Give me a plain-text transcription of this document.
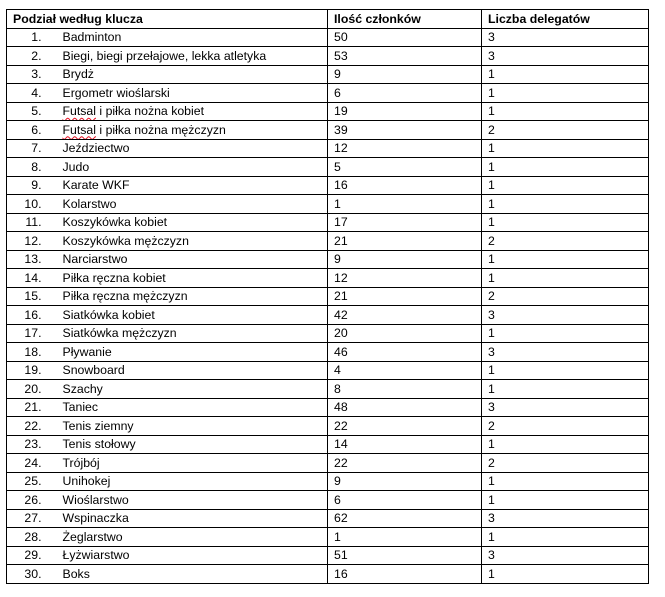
Podział według klucza		Ilość członków	Liczba delegatów
1.	Badminton	50	3
2.	Biegi, biegi przełajowe, lekka atletyka	53	3
3.	Brydż	9	1
4.	Ergometr wioślarski	6	1
5.	Futsal i piłka nożna kobiet	19	1
6.	Futsal i piłka nożna mężczyzn	39	2
7.	Jeździectwo	12	1
8.	Judo	5	1
9.	Karate WKF	16	1
10.	Kolarstwo	1	1
11.	Koszykówka kobiet	17	1
12.	Koszykówka mężczyzn	21	2
13.	Narciarstwo	9	1
14.	Piłka ręczna kobiet	12	1
15.	Piłka ręczna mężczyzn	21	2
16.	Siatkówka kobiet	42	3
17.	Siatkówka mężczyzn	20	1
18.	Pływanie	46	3
19.	Snowboard	4	1
20.	Szachy	8	1
21.	Taniec	48	3
22.	Tenis ziemny	22	2
23.	Tenis stołowy	14	1
24.	Trójbój	22	2
25.	Unihokej	9	1
26.	Wioślarstwo	6	1
27.	Wspinaczka	62	3
28.	Żeglarstwo	1	1
29.	Łyżwiarstwo	51	3
30.	Boks	16	1
